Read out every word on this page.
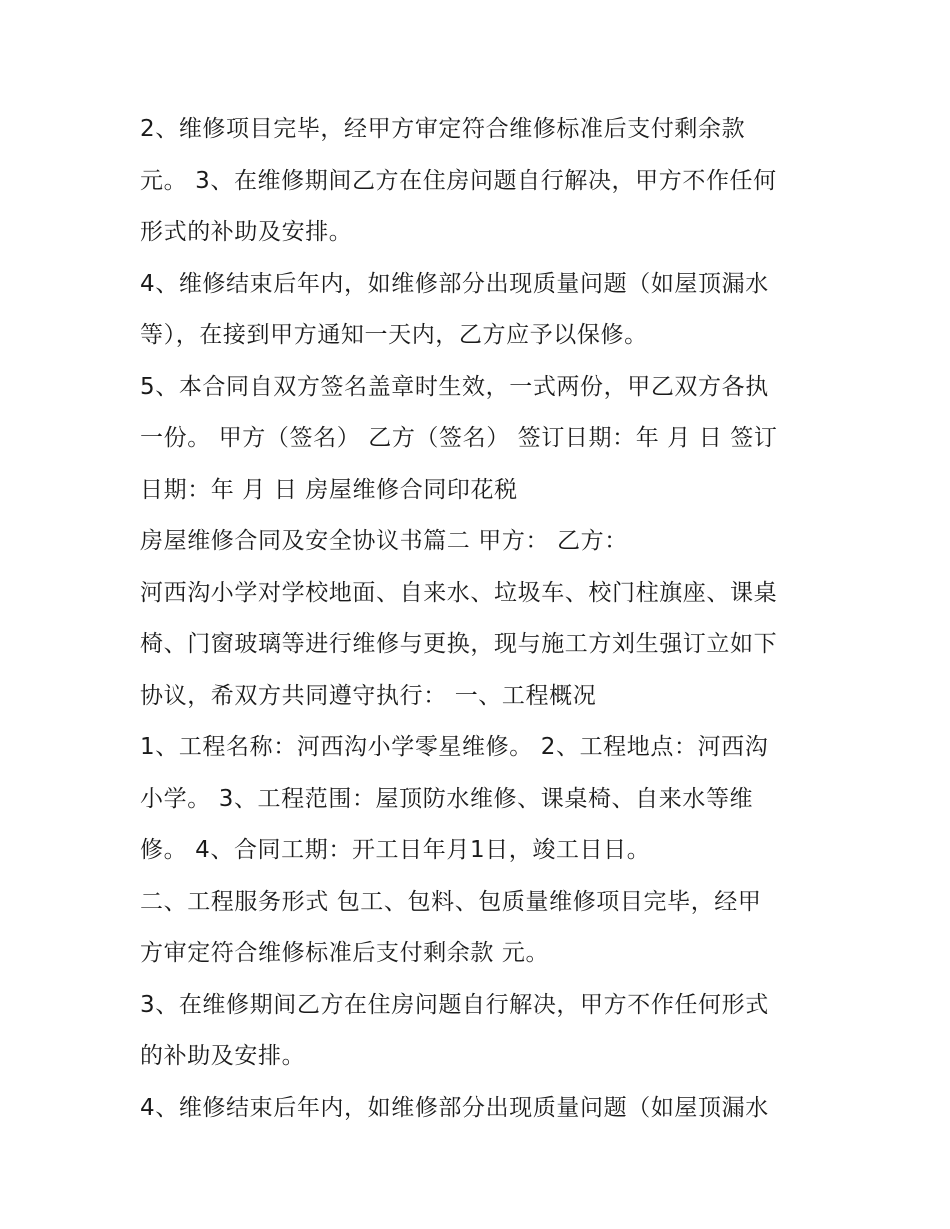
2、维修项目完毕，经甲方审定符合维修标准后支付剩余款
元。 3、在维修期间乙方在住房问题自行解决，甲方不作任何
形式的补助及安排。

4、维修结束后年内，如维修部分出现质量问题（如屋顶漏水
等），在接到甲方通知一天内，乙方应予以保修。

5、本合同自双方签名盖章时生效，一式两份，甲乙双方各执
一份。 甲方（签名） 乙方（签名） 签订日期：年 月 日 签订
日期：年 月 日 房屋维修合同印花税

房屋维修合同及安全协议书篇二 甲方： 乙方：

河西沟小学对学校地面、自来水、垃圾车、校门柱旗座、课桌
椅、门窗玻璃等进行维修与更换，现与施工方刘生强订立如下
协议，希双方共同遵守执行： 一、工程概况

1、工程名称：河西沟小学零星维修。 2、工程地点：河西沟
小学。 3、工程范围：屋顶防水维修、课桌椅、自来水等维
修。 4、合同工期：开工日年月1日，竣工日日。

二、工程服务形式 包工、包料、包质量维修项目完毕，经甲
方审定符合维修标准后支付剩余款 元。

3、在维修期间乙方在住房问题自行解决，甲方不作任何形式
的补助及安排。

4、维修结束后年内，如维修部分出现质量问题（如屋顶漏水
